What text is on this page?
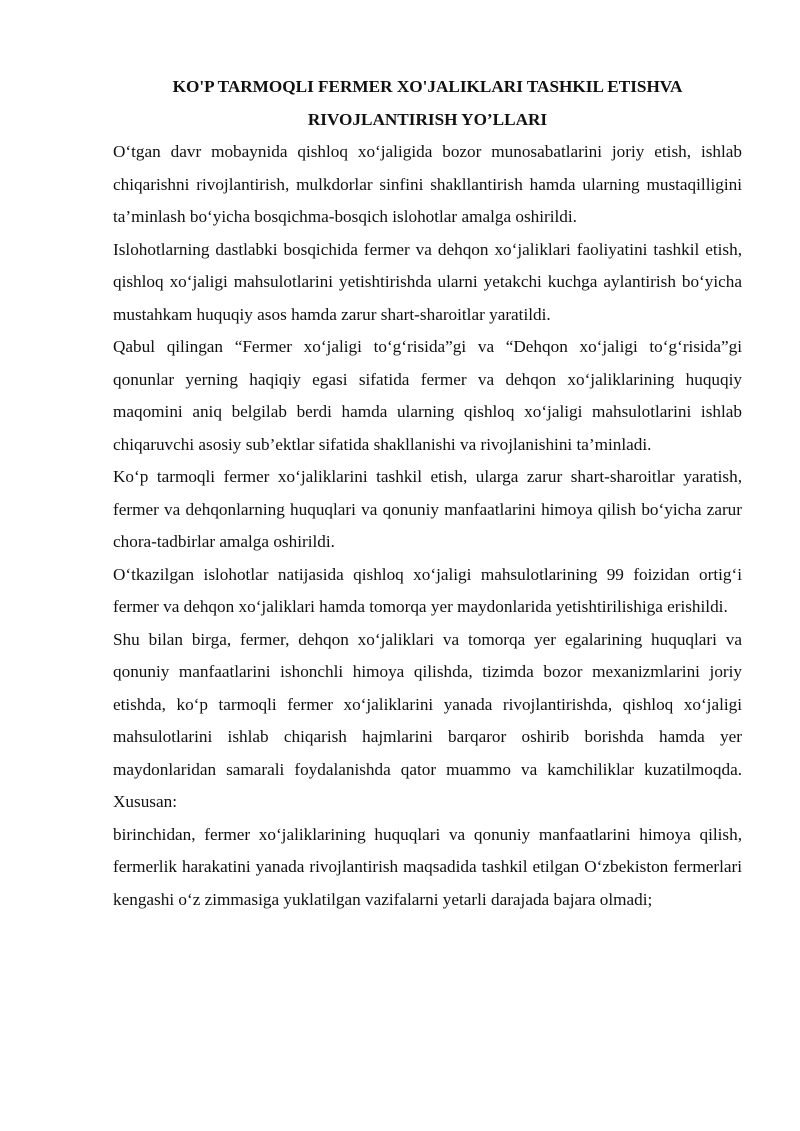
KO'P TARMOQLI FERMER XO'JALIKLARI TASHKIL ETISHVA
RIVOJLANTIRISH YO’LLARI

O‘tgan davr mobaynida qishloq xo‘jaligida bozor munosabatlarini joriy etish, ishlab chiqarishni rivojlantirish, mulkdorlar sinfini shakllantirish hamda ularning mustaqilligini ta’minlash bo‘yicha bosqichma-bosqich islohotlar amalga oshirildi.

Islohotlarning dastlabki bosqichida fermer va dehqon xo‘jaliklari faoliyatini tashkil etish, qishloq xo‘jaligi mahsulotlarini yetishtirishda ularni yetakchi kuchga aylantirish bo‘yicha mustahkam huquqiy asos hamda zarur shart-sharoitlar yaratildi.

Qabul qilingan “Fermer xo‘jaligi to‘g‘risida”gi va “Dehqon xo‘jaligi to‘g‘risida”gi qonunlar yerning haqiqiy egasi sifatida fermer va dehqon xo‘jaliklarining huquqiy maqomini aniq belgilab berdi hamda ularning qishloq xo‘jaligi mahsulotlarini ishlab chiqaruvchi asosiy sub’ektlar sifatida shakllanishi va rivojlanishini ta’minladi.

Ko‘p tarmoqli fermer xo‘jaliklarini tashkil etish, ularga zarur shart-sharoitlar yaratish, fermer va dehqonlarning huquqlari va qonuniy manfaatlarini himoya qilish bo‘yicha zarur chora-tadbirlar amalga oshirildi.

O‘tkazilgan islohotlar natijasida qishloq xo‘jaligi mahsulotlarining 99 foizidan ortig‘i fermer va dehqon xo‘jaliklari hamda tomorqa yer maydonlarida yetishtirilishiga erishildi.

Shu bilan birga, fermer, dehqon xo‘jaliklari va tomorqa yer egalarining huquqlari va qonuniy manfaatlarini ishonchli himoya qilishda, tizimda bozor mexanizmlarini joriy etishda, ko‘p tarmoqli fermer xo‘jaliklarini yanada rivojlantirishda, qishloq xo‘jaligi mahsulotlarini ishlab chiqarish hajmlarini barqaror oshirib borishda hamda yer maydonlaridan samarali foydalanishda qator muammo va kamchiliklar kuzatilmoqda. Xususan:

birinchidan, fermer xo‘jaliklarining huquqlari va qonuniy manfaatlarini himoya qilish, fermerlik harakatini yanada rivojlantirish maqsadida tashkil etilgan O‘zbekiston fermerlari kengashi o‘z zimmasiga yuklatilgan vazifalarni yetarli darajada bajara olmadi;
